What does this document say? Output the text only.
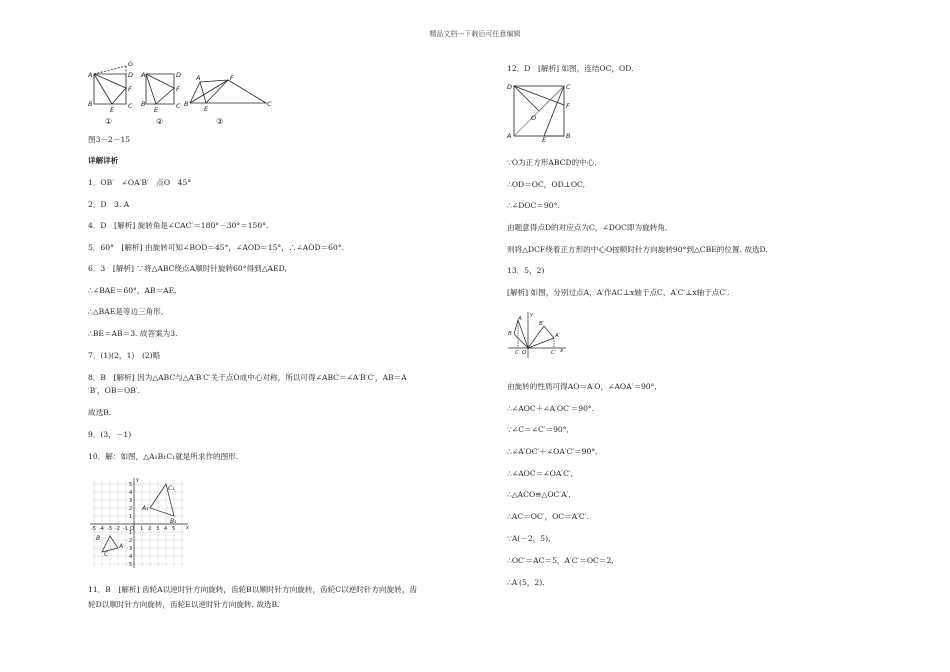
精品文档---下载后可任意编辑
A
B
E C
D
F
G
A
B
E	C
D
F
B
A
E
F
C
①	②	③
图3－2－15
详解详析
1．OB′　∠OA′B′　点O　45°
2．D　3. A
4．D　[解析] 旋转角是∠CAC′＝180°－30°＝150°.
5．60°　[解析] 由旋转可知∠BOD＝45°，∠AOD＝15°，∴∠AOD＝60°.
6．3　[解析] ∵将△ABC绕点A顺时针旋转60°得到△AED,
∴∠BAE＝60°，AB＝AE,
∴△BAE是等边三角形,
∴BE＝AB＝3. 故答案为3.
7．(1)(2，1)　(2)略
8．B　[解析] 因为△ABC与△A′B′C′关于点O成中心对称，所以可得∠ABC＝∠A′B′C′，AB＝A
′B′，OB＝OB′.
故选B.
9．(3，－1)
10．解：如图，△A₁B₁C₁就是所求作的图形.
y
x
5
4
3
2
1
1
2
3
4
5
-5 -4 -3 -2 -1 O 1 2 3 4 5
C₁
A₁
B₁
B
C
A
11．B　[解析] 齿轮A以逆时针方向旋转，齿轮B以顺时针方向旋转，齿轮C以逆时针方向旋转，齿
轮D以顺时针方向旋转，齿轮E以逆时针方向旋转. 故选B.
12．D　[解析] 如图，连结OC，OD.
D	C
F
O
E
A	B
∵O为正方形ABCD的中心,
∴OD＝OC，OD⊥OC,
∴∠DOC＝90°.
由题意得点D的对应点为C，∠DOC即为旋转角,
则将△DCF绕着正方形的中心O按顺时针方向旋转90°到△CBE的位置. 故选D.
13．5，2)
[解析] 如图，分别过点A，A′作AC⊥x轴于点C，A′C′⊥x轴于点C′.
y
A
B
B′
A′
C O	C′ x
由旋转的性质可得AO＝A′O，∠AOA′＝90°,
∴∠AOC＋∠A′OC′＝90°.
∵∠C＝∠C′＝90°,
∴∠A′OC′＋∠OA′C′＝90°,
∴∠AOC＝∠OA′C′,
∴△ACO≌△OC′A′,
∴AC＝OC′，OC＝A′C′.
∵A(－2，5),
∴OC′＝AC＝5，A′C′＝OC＝2,
∴A′(5，2).
